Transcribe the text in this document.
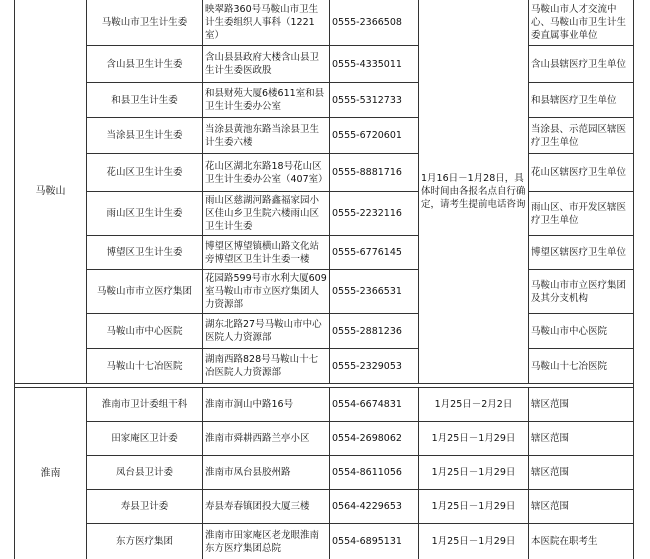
马鞍山	马鞍山市卫生计生委	映翠路360号马鞍山市卫生计生委组织人事科（1221室）	0555-2366508	1月16日－1月28日，具体时间由各报名点自行确定，请考生提前电话咨询	马鞍山市人才交流中心、马鞍山市卫生计生委直属事业单位
	含山县卫生计生委	含山县县政府大楼含山县卫生计生委医政股	0555-4335011		含山县辖医疗卫生单位
	和县卫生计生委	和县财苑大厦6楼611室和县卫生计生委办公室	0555-5312733		和县辖医疗卫生单位
	当涂县卫生计生委	当涂县黄池东路当涂县卫生计生委六楼	0555-6720601		当涂县、示范园区辖医疗卫生单位
	花山区卫生计生委	花山区湖北东路18号花山区卫生计生委办公室（407室）	0555-8881716		花山区辖医疗卫生单位
	雨山区卫生计生委	雨山区慈湖河路鑫福家园小区佳山乡卫生院六楼雨山区卫生计生委	0555-2232116		雨山区、市开发区辖医疗卫生单位
	博望区卫生计生委	博望区博望镇横山路文化站旁博望区卫生计生委一楼	0555-6776145		博望区辖医疗卫生单位
	马鞍山市市立医疗集团	花园路599号市水利大厦609室马鞍山市市立医疗集团人力资源部	0555-2366531		马鞍山市市立医疗集团及其分支机构
	马鞍山市中心医院	湖东北路27号马鞍山市中心医院人力资源部	0555-2881236		马鞍山市中心医院
	马鞍山十七冶医院	湖南西路828号马鞍山十七冶医院人力资源部	0555-2329053		马鞍山十七冶医院

淮南	淮南市卫计委组干科	淮南市洞山中路16号	0554-6674831	1月25日－2月2日	辖区范围
	田家庵区卫计委	淮南市舜耕西路兰亭小区	0554-2698062	1月25日－1月29日	辖区范围
	凤台县卫计委	淮南市凤台县胶州路	0554-8611056	1月25日－1月29日	辖区范围
	寿县卫计委	寿县寿春镇团投大厦三楼	0564-4229653	1月25日－1月29日	辖区范围
	东方医疗集团	淮南市田家庵区老龙眼淮南东方医疗集团总院	0554-6895131	1月25日－1月29日	本医院在职考生
